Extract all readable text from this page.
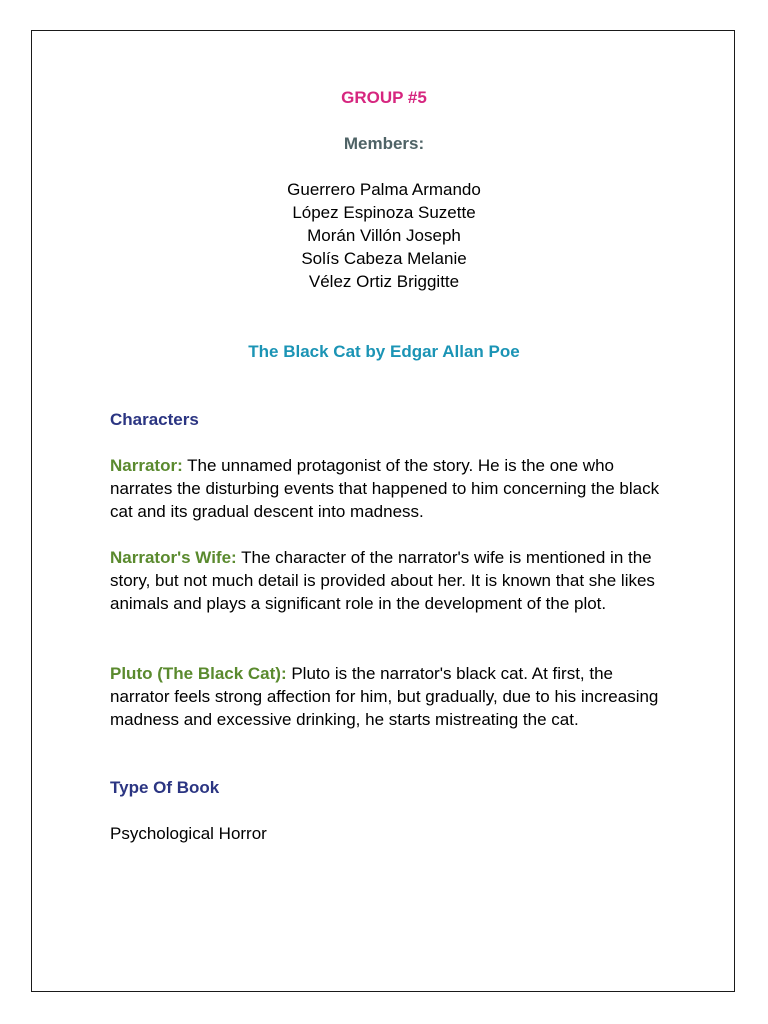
GROUP #5

Members:

Guerrero Palma Armando
López Espinoza Suzette
Morán Villón Joseph
Solís Cabeza Melanie
Vélez Ortiz Briggitte

The Black Cat by Edgar Allan Poe

Characters

Narrator: The unnamed protagonist of the story. He is the one who narrates the disturbing events that happened to him concerning the black cat and its gradual descent into madness.

Narrator's Wife: The character of the narrator's wife is mentioned in the story, but not much detail is provided about her. It is known that she likes animals and plays a significant role in the development of the plot.

Pluto (The Black Cat): Pluto is the narrator's black cat. At first, the narrator feels strong affection for him, but gradually, due to his increasing madness and excessive drinking, he starts mistreating the cat.

Type Of Book

Psychological Horror
